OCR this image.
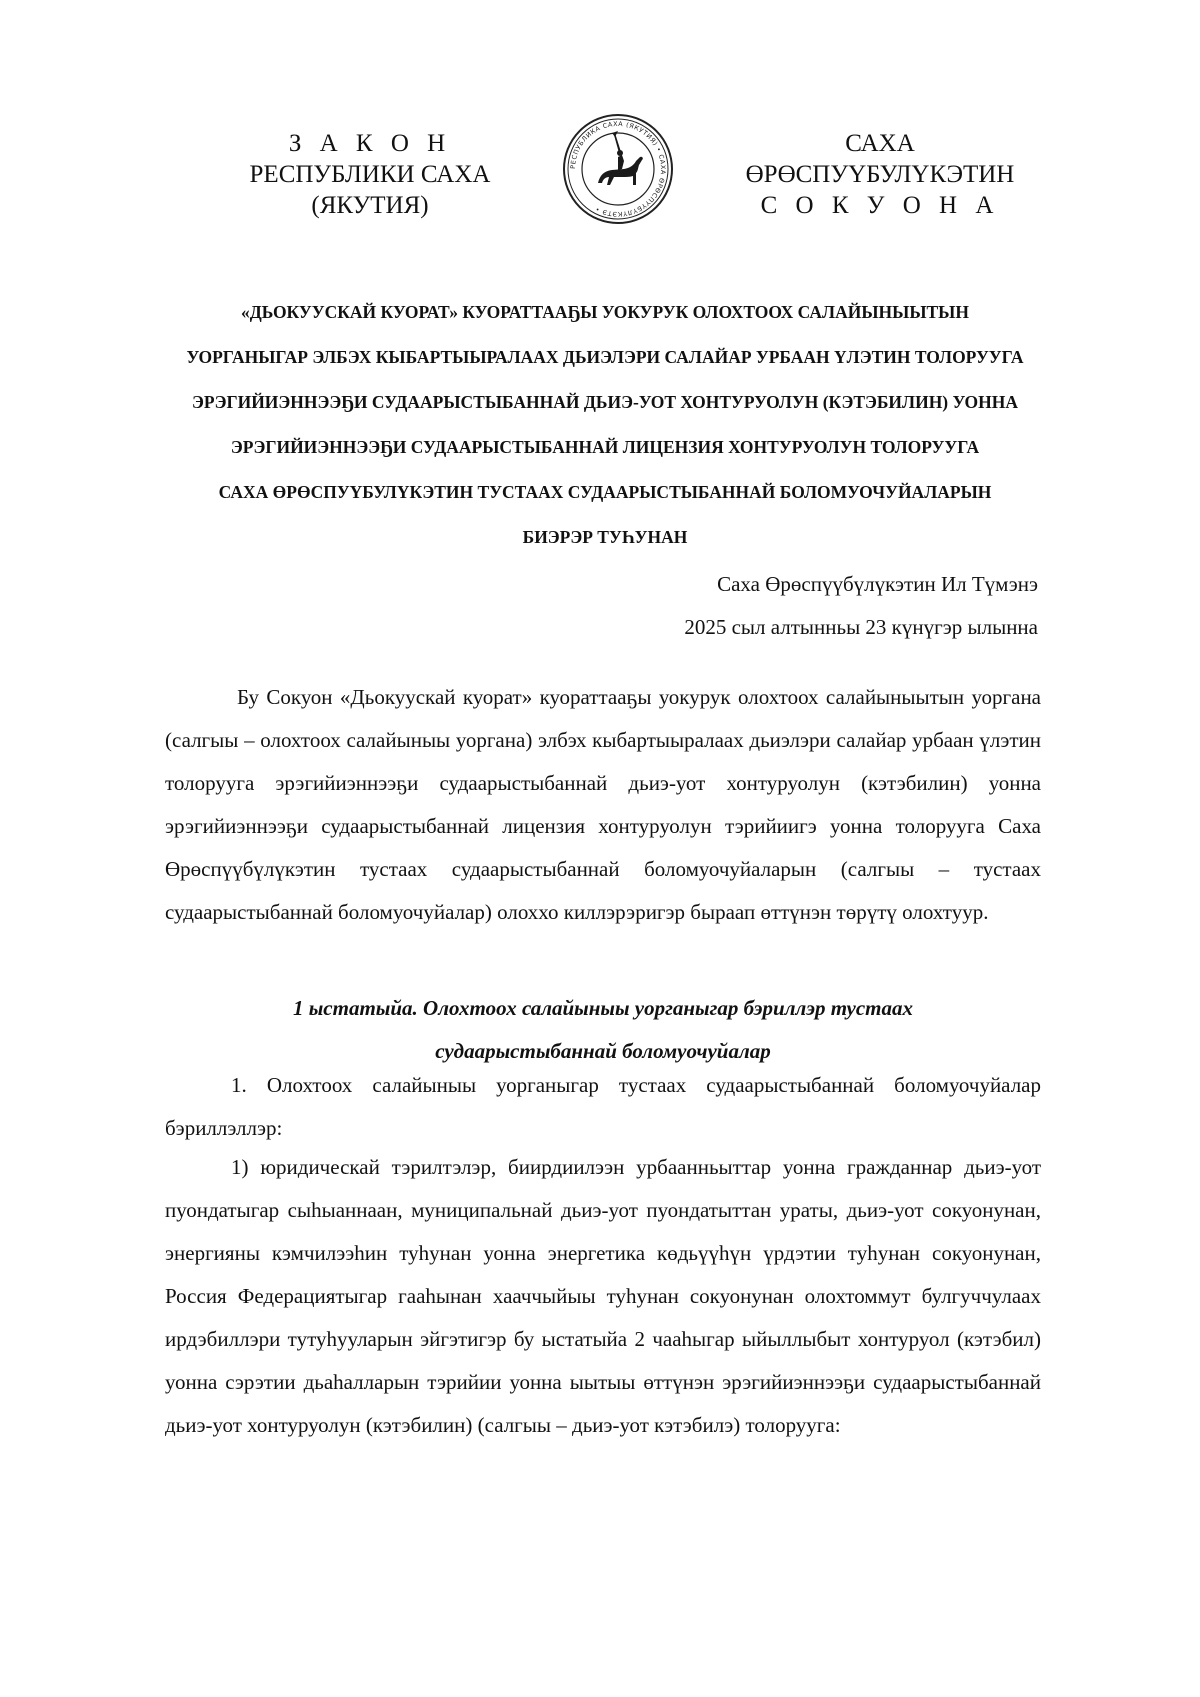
З А К О Н
РЕСПУБЛИКИ САХА (ЯКУТИЯ)
РЕСПУБЛИКА САХА (ЯКУТИЯ) • САХА ӨРӨСПҮҮБҮЛҮКЭТЭ •
САХА ӨРӨСПУҮБУЛҮКЭТИН
С О К У О Н А
«ДЬОКУУСКАЙ КУОРАТ» КУОРАТТААҔЫ УОКУРУК ОЛОХТООХ САЛАЙЫНЫЫТЫН
УОРГАНЫГАР ЭЛБЭХ КЫБАРТЫЫРАЛААХ ДЬИЭЛЭРИ САЛАЙАР УРБААН ҮЛЭТИН ТОЛОРУУГА
ЭРЭГИЙИЭННЭЭҔИ СУДААРЫСТЫБАННАЙ ДЬИЭ-УОТ ХОНТУРУОЛУН (КЭТЭБИЛИН) УОННА
ЭРЭГИЙИЭННЭЭҔИ СУДААРЫСТЫБАННАЙ ЛИЦЕНЗИЯ ХОНТУРУОЛУН ТОЛОРУУГА
САХА ӨРӨСПУҮБУЛҮКЭТИН ТУСТААХ СУДААРЫСТЫБАННАЙ БОЛОМУОЧУЙАЛАРЫН
БИЭРЭР ТУҺУНАН
Саха Өрөспүүбүлүкэтин Ил Түмэнэ
2025 сыл алтынньы 23 күнүгэр ылынна

Бу Сокуон «Дьокуускай куорат» куораттааҕы уокурук олохтоох салайыныытын уоргана (салгыы – олохтоох салайыныы уоргана) элбэх кыбартыыралаах дьиэлэри салайар урбаан үлэтин толорууга эрэгийиэннээҕи судаарыстыбаннай дьиэ-уот хонтуруолун (кэтэбилин) уонна эрэгийиэннээҕи судаарыстыбаннай лицензия хонтуруолун тэрийиигэ уонна толорууга Саха Өрөспүүбүлүкэтин тустаах судаарыстыбаннай боломуочуйаларын (салгыы – тустаах судаарыстыбаннай боломуочуйалар) олоххо киллэрэригэр быраап өттүнэн төрүтү олохтуур.

1 ыстатыйа. Олохтоох салайыныы уорганыгар бэриллэр тустаах
судаарыстыбаннай боломуочуйалар

1. Олохтоох салайыныы уорганыгар тустаах судаарыстыбаннай боломуочуйалар бэриллэллэр:

1) юридическай тэрилтэлэр, биирдиилээн урбаанньыттар уонна гражданнар дьиэ-уот пуондатыгар сыһыаннаан, муниципальнай дьиэ-уот пуондатыттан ураты, дьиэ-уот сокуонунан, энергияны кэмчилээһин туһунан уонна энергетика көдьүүһүн үрдэтии туһунан сокуонунан, Россия Федерациятыгар гааһынан хааччыйыы туһунан сокуонунан олохтоммут булгуччулаах ирдэбиллэри тутуһууларын эйгэтигэр бу ыстатыйа 2 чааһыгар ыйыллыбыт хонтуруол (кэтэбил) уонна сэрэтии дьаһалларын тэрийии уонна ыытыы өттүнэн эрэгийиэннээҕи судаарыстыбаннай дьиэ-уот хонтуруолун (кэтэбилин) (салгыы – дьиэ-уот кэтэбилэ) толорууга:
